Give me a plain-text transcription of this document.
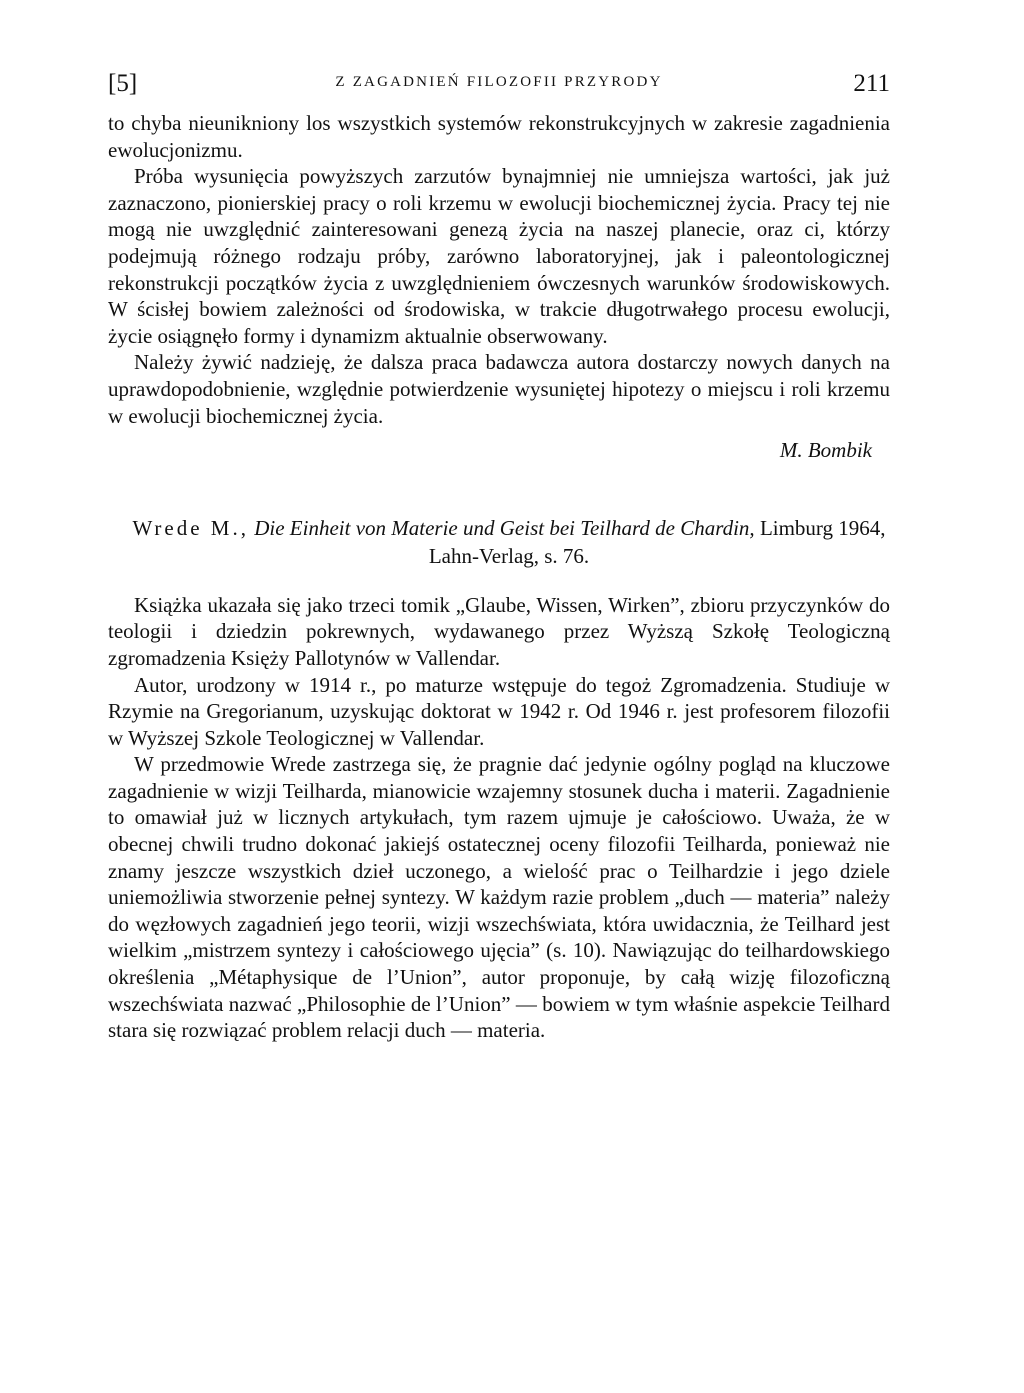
[5]	Z ZAGADNIEŃ FILOZOFII PRZYRODY	211

to chyba nieunikniony los wszystkich systemów rekonstrukcyjnych w zakresie zagadnienia ewolucjonizmu.

Próba wysunięcia powyższych zarzutów bynajmniej nie umniejsza wartości, jak już zaznaczono, pionierskiej pracy o roli krzemu w ewolucji biochemicznej życia. Pracy tej nie mogą nie uwzględnić zainteresowani genezą życia na naszej planecie, oraz ci, którzy podejmują różnego rodzaju próby, zarówno laboratoryjnej, jak i paleontologicznej rekonstrukcji początków życia z uwzględnieniem ówczesnych warunków środowiskowych. W ścisłej bowiem zależności od środowiska, w trakcie długotrwałego procesu ewolucji, życie osiągnęło formy i dynamizm aktualnie obserwowany.

Należy żywić nadzieję, że dalsza praca badawcza autora dostarczy nowych danych na uprawdopodobnienie, względnie potwierdzenie wysuniętej hipotezy o miejscu i roli krzemu w ewolucji biochemicznej życia.

M. Bombik

Wrede M., Die Einheit von Materie und Geist bei Teilhard de Chardin, Limburg 1964, Lahn-Verlag, s. 76.

Książka ukazała się jako trzeci tomik „Glaube, Wissen, Wirken”, zbioru przyczynków do teologii i dziedzin pokrewnych, wydawanego przez Wyższą Szkołę Teologiczną zgromadzenia Księży Pallotynów w Vallendar.

Autor, urodzony w 1914 r., po maturze wstępuje do tegoż Zgromadzenia. Studiuje w Rzymie na Gregorianum, uzyskując doktorat w 1942 r. Od 1946 r. jest profesorem filozofii w Wyższej Szkole Teologicznej w Vallendar.

W przedmowie Wrede zastrzega się, że pragnie dać jedynie ogólny pogląd na kluczowe zagadnienie w wizji Teilharda, mianowicie wzajemny stosunek ducha i materii. Zagadnienie to omawiał już w licznych artykułach, tym razem ujmuje je całościowo. Uważa, że w obecnej chwili trudno dokonać jakiejś ostatecznej oceny filozofii Teilharda, ponieważ nie znamy jeszcze wszystkich dzieł uczonego, a wielość prac o Teilhardzie i jego dziele uniemożliwia stworzenie pełnej syntezy. W każdym razie problem „duch — materia” należy do węzłowych zagadnień jego teorii, wizji wszechświata, która uwidacznia, że Teilhard jest wielkim „mistrzem syntezy i całościowego ujęcia” (s. 10). Nawiązując do teilhardowskiego określenia „Métaphysique de l’Union”, autor proponuje, by całą wizję filozoficzną wszechświata nazwać „Philosophie de l’Union” — bowiem w tym właśnie aspekcie Teilhard stara się rozwiązać problem relacji duch — materia.
